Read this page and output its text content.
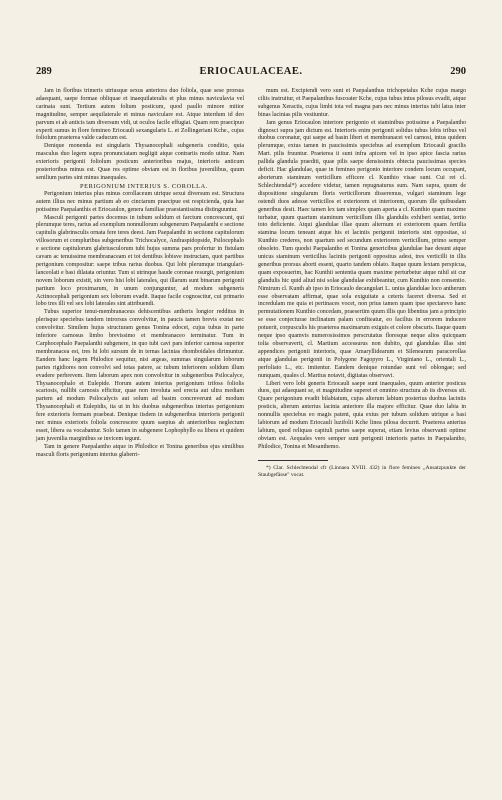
289	ERIOCAULACEAE.	290

Jam in floribus trimeris utriusque sexus anteriora duo foliola, quae sese prorsus adaequant, saepe formae obliquae et inaequilateralis et plus minus naviculavia vel carinata sunt. Tertium autem folium posticum, quod paullo minore mitior magnitudine, semper aequilaterale et minus naviculare est. Atque interdum id deo parvum et ab anticis tam diversum vidi, ut oculos facile effugiat. Quam rem praecipuo experti sumus in flore femineo Eriocauli sexangularis L. et Zollingeriani Kche., cujus foliolum praeterea valde caducum est.

Denique monenda est singularis Thysanocephali subgeneris conditio, quia masculus duo legem supra pronunciatam negligit atque contrariis modo utitur. Nam exterioris perigonii foliolum posticum anterioribus majus, interioris anticum posterioribus minus est. Quae res optime obviam est in floribus juvenilibus, quum senilium partes sint minus inaequales.

PERIGONIUM INTERIUS S. COROLLA.

Perigonium interius plus minus corollaceum utrique sexui diversum est. Structura autem illius nec minus partium ab eo cinctarum praecipue est respicienda, quia hae potissime Paepalanthis et Eriocaulon, genera familiae praestantissima distinguuntur.

Masculi perigonii partes docemus in tubum solidum et farctum concrescunt, qui plerumque teres, rarius ad exemplum nonnullorum subgenerum Paepalanthi e sectione capitulis glabrinsculis ornata fere teres deest. Jam Paepalanthi in sectione capitulorum villosorum et compluribus subgeneribus Trichocalyce, Andraspidopside, Psilocephalo e sectione capitulorum glabriusculorum tubi hujus summa pars profertur in fistulam cavam ac tenuissime membranaceam et tot dentibus lobisve instructam, quot partibus perigonium compositur: saepe tribus rarius duobus. Qui lobi plerumque triangulari-lanceolati e basi dilatata oriuntur. Tum si utrinque haude coronae resurgit, perigonium novem loborum existit, sin vero hisi lobi laterales, qui illarum sunt binarum perigonii partium loco proximarum, in unum conjunguntur, ad modum subgeneris Actinocephali perigonium sex loborum evadit. Itaque facile cognoscitur, cui primario lobo tres illi vel sex lobi laterales sint attribuendi.

Tubus superior tenui-membranaceus dehiscentibus antheris longior redditus in plerisque speciebus tandem introrsus convolvitur, in paucis tamen brevis exstat nec convolvitur. Similem hujus structuram genus Tonina edocet, cujus tubus in parte inferiore carnosus limbo brevissimo et membranaceo terminatur. Tum in Carphocephalo Paepalanthi subgenere, in quo tubi cavi pars inferior carnosa superior membranacea est, tres hi lobi sursum de in ternas lacinias rhomboidales dirimuntur. Eandem hanc legem Philodice sequitur, nisi argeas, summas singularum loborum partes rigidiores non convolvi sed totas patere, ac tubum inferiorem solidum illum evadere perbrevem. Item laborum apex non convolvitur in subgeneribus Psilocalyce, Thysanocephalo et Eulepide. Horum autem interius perigonium trifoss foliolis scariosis, nullibi carnosis efficitur, quae non involuta sed erecta aut ultra mediam partem ad modum Psilocalycis aut solum ad basim concreverunt ad modum Thysanocephali et Eulepidis, ita ut in his duobus subgeneribus interius perigonium fere exterioris formam praebeat. Denique iisdem in subgeneribus interioris perigonii nec minus exterioris foliola concrescere quum saepius ab anterioribus neglectum esset, libera ea vocabantur. Solo tamen in subgenere Lophophyllo ea libera et quidem jam juvenilia marginibus se invicem tegunt.

Tam in genere Paepalantho atque in Philodice et Tonina generibus ejus similibus masculi floris perigonium interius glaberri-

mum est. Excipiendi vero sunt et Paepalanthus trichopetalus Kche cujus margo ciliis instruitur, et Paepalanthus fuscoater Kche, cujus tubus intus pilosus evadit, atque subgenus Xeractis, cujus limbi tota vel magna pars nec minus interius tubi latus inter binas lacinias pilis vestiuntur.

Jam genus Eriocaulon interiore perigonio et staminibus potissime a Paepalantho dignosci supra jam dictum est. Interioris enim perigonii solidus tubus lobis tribus vel duobus coronatur, qui saepe ad basin liberi et membranacei vel carnosi, intus quidem plerumque, extus tamen in paucissimis speciebus ad exemplum Eriocauli gracilis Mart. pilis fruuntur. Praeterea ii sunt infra apicem vel in ipso apice fascia rarius pallida glandula praediti, quae pilis saepe densissimis obtecta paucissimas species deficit. Hac glandulae, quae in femineo perigonio interiore condem locum occupant, aborterum staminum verticillum efficere cl. Kunthio visae sunt. Cui rei cl. Schlechtendal*) accedere videtur, tamen repugnaturus sum. Nam supra, quum de dispositione singularum floris verticillorum disseremus, vulgari staminum lege ostendi duos adesse verticillos et exteriorem et interiorem, quorum ille quibusdam generibus desit. Haec tamen lex tam simplex quam aperta a cl. Kunthio quam maxime turbatur, quum quartum staminum verticillum illis glandulis exhiberi sentiat, tertio toto deficiente. Atqui glandulae illae quum alternum et exteriorem quam fertilia stamina locum teneant atque his et laciniis perigonii interioris sint oppositae, si Kunthio crederes, non quartum sed secundum exteriorem verticillum, primo semper obsoleto. Tum quodsi Paepalantho et Tonina genericibus glandulae hae desunt atque unicus staminum verticillus laciniis perigonii oppositus adest, tres verticilli in illis generibus prorsus aborti essent, quarto tandem oblato. Itaque quum lextam perspicua, quam exposuerim, hac Kunthii sententia quam maxime perturbetur atque nihil sit cur glandulis hic quid aliud nisi solae glandulae exhibeantur, cum Kunthio non consentio. Nimirum cl. Kunth ab ipso in Eriocaulo decangulari L. unius glandulae loco antherum esse observatam affirmat, quae sola exiguitate a ceteris faceret diversa. Sed et incredulam me quia et pertinaces vocet, non prius tamen quam ipse spectarevo hanc permutationem Kunthio concedam, praesertim quum illis quo libentius jam a principio se esse conjecturae inclinatum palam confiteatur, eo facilius in errorem inducere potuerit, corpusculis his praeterea maximarum exiguis et colore obscuris. Itaque quum neque ipso quamvis numerosissimos perscrutatus floresque neque alios quicquam tolia observaverit, cl. Martium accessurus non dubito, qui glandulas illas sint appendices perigonii interioris, quae Amaryllidearum et Silenearum paracorollas atque glandulas perigonii in Polygone Fagopyro L., Virginiano L., orientali L., perfoliato L., etc. imitentur. Eandem denique rotundae sunt vel oblongae; sed nunquam, quales cl. Martius notavit, digitatas observavi.

Liberi vero lobi generis Eriocauli saepe sunt inaequales, quum anterior posticus duos, qui adaequant se, et magnitudine superet et omnino structura ab iis diversus sit. Quare perigonium evadit bilabiatum, cujus alterum labium posterius duobus laciniis posticis, alterum anterius lacinia anteriore illa majore efficitur. Quae duo labia in nonnullis speciebus eo magis patent, quia extus per tubum solidum utrique a basi labiorum ad modum Eriocauli luzifolii Kche linea pilosa decurrit. Praeterea anterius labium, quod reliquas capituli partes saepe superat, etiam levius observanti optime obviam est. Aequales vero semper sunt perigonii interioris partes in Paepalantho, Philodice, Tonina et Mesanthemo.

*) Clar. Schlechtendal cfr (Linnaea XVIII. 432) in flore femineo „Ansatzpunkte der Staubgefässe" vocat.
